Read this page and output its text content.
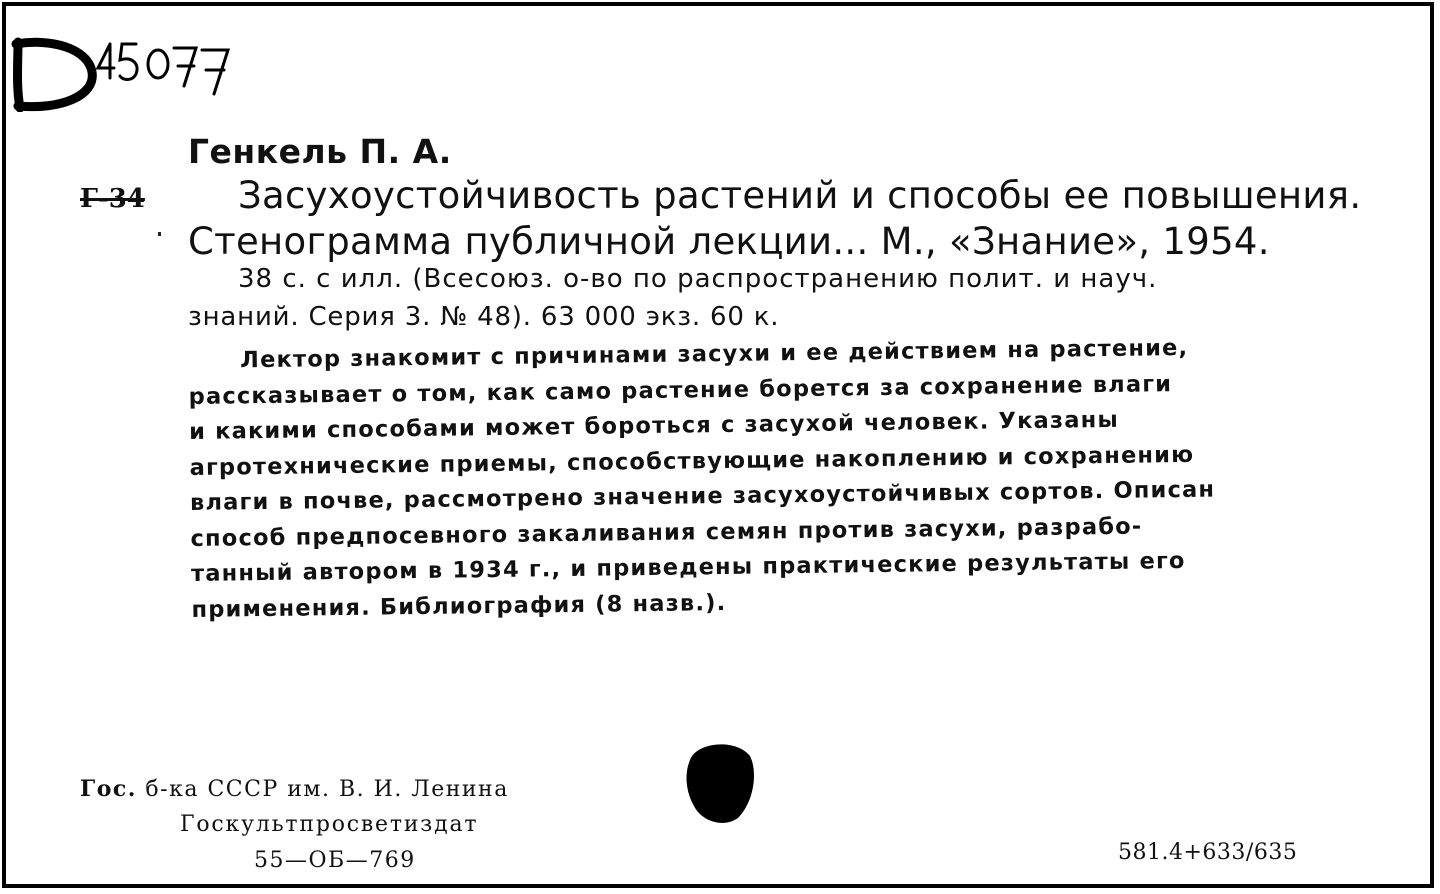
Генкель П. А.
Г-34	Засухоустойчивость растений и способы ее повышения.
Стенограмма публичной лекции... М., «Знание», 1954.
38 с. с илл. (Всесоюз. о-во по распространению полит. и науч.
знаний. Серия 3. № 48). 63 000 экз. 60 к.
Лектор знакомит с причинами засухи и ее действием на растение,
рассказывает о том, как само растение борется за сохранение влаги
и какими способами может бороться с засухой человек. Указаны
агротехнические приемы, способствующие накоплению и сохранению
влаги в почве, рассмотрено значение засухоустойчивых сортов. Описан
способ предпосевного закаливания семян против засухи, разрабо-
танный автором в 1934 г., и приведены практические результаты его
применения. Библиография (8 назв.).
Гос. б-ка СССР им. В. И. Ленина
Госкультпросветиздат
55—ОБ—769	581.4+633/635
